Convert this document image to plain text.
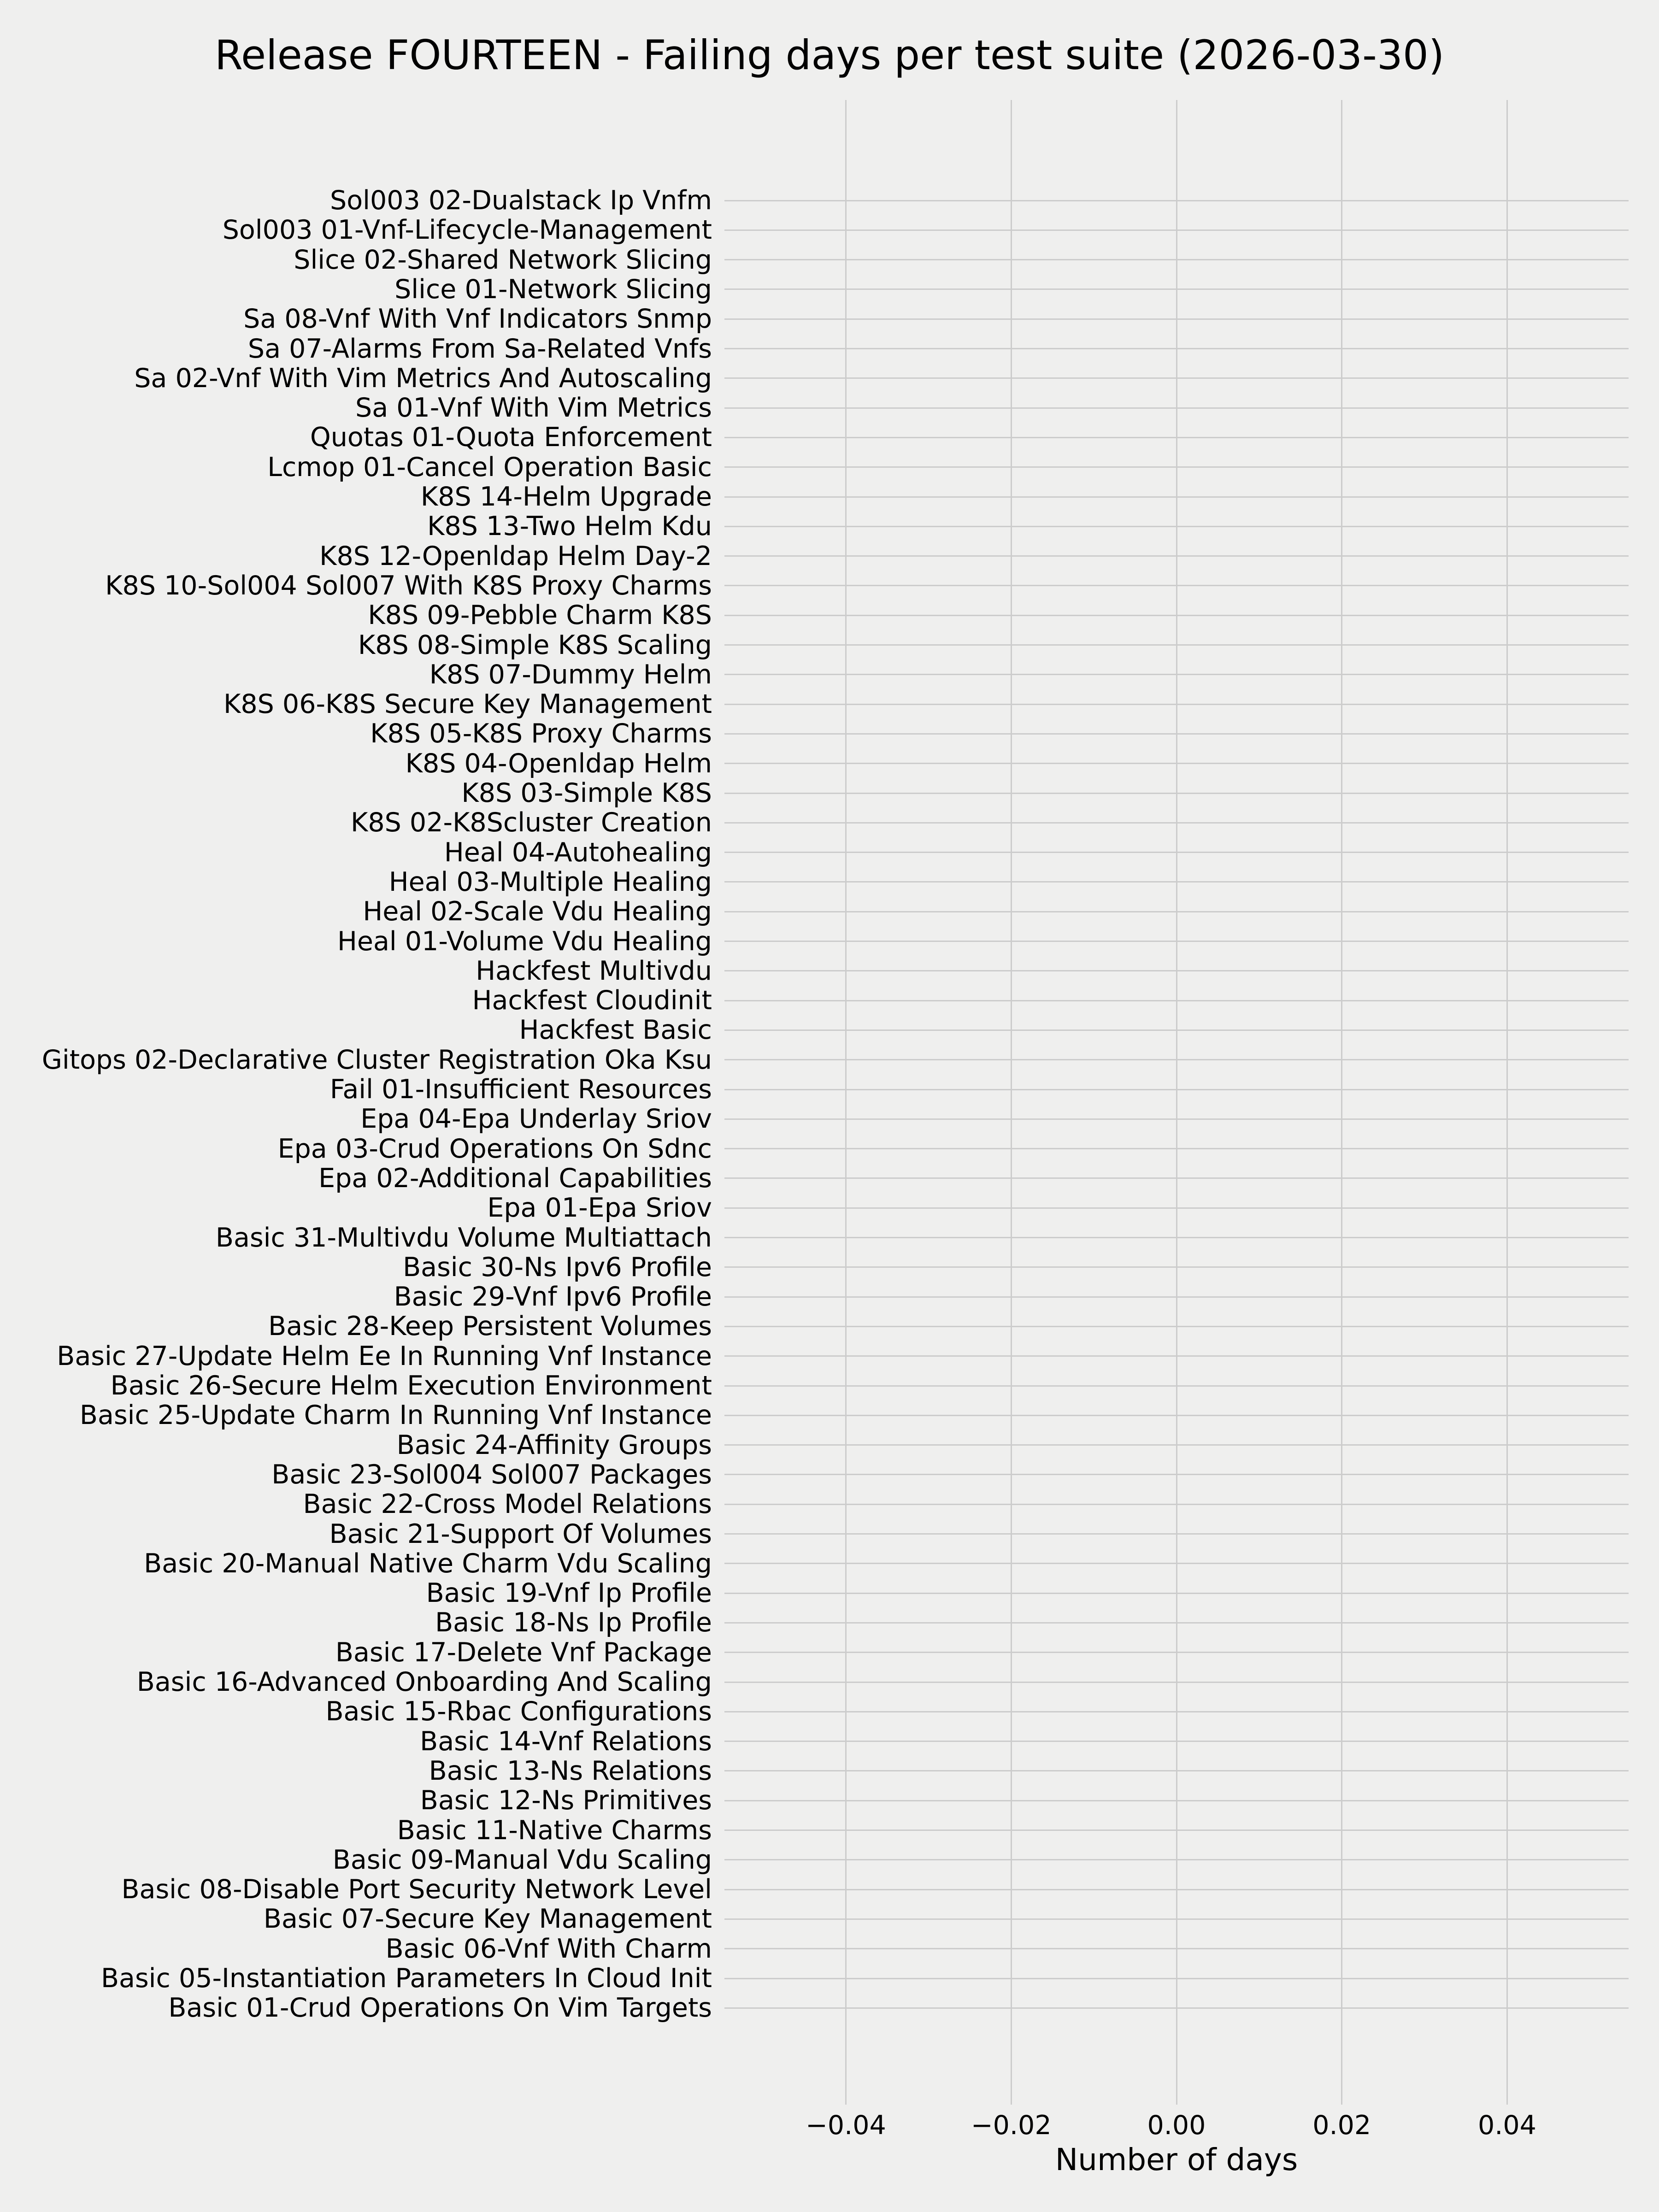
Release FOURTEEN - Failing days per test suite (2026-03-30)
Sol003 02-Dualstack Ip Vnfm
Sol003 01-Vnf-Lifecycle-Management
Slice 02-Shared Network Slicing
Slice 01-Network Slicing
Sa 08-Vnf With Vnf Indicators Snmp
Sa 07-Alarms From Sa-Related Vnfs
Sa 02-Vnf With Vim Metrics And Autoscaling
Sa 01-Vnf With Vim Metrics
Quotas 01-Quota Enforcement
Lcmop 01-Cancel Operation Basic
K8S 14-Helm Upgrade
K8S 13-Two Helm Kdu
K8S 12-Openldap Helm Day-2
K8S 10-Sol004 Sol007 With K8S Proxy Charms
K8S 09-Pebble Charm K8S
K8S 08-Simple K8S Scaling
K8S 07-Dummy Helm
K8S 06-K8S Secure Key Management
K8S 05-K8S Proxy Charms
K8S 04-Openldap Helm
K8S 03-Simple K8S
K8S 02-K8Scluster Creation
Heal 04-Autohealing
Heal 03-Multiple Healing
Heal 02-Scale Vdu Healing
Heal 01-Volume Vdu Healing
Hackfest Multivdu
Hackfest Cloudinit
Hackfest Basic
Gitops 02-Declarative Cluster Registration Oka Ksu
Fail 01-Insufficient Resources
Epa 04-Epa Underlay Sriov
Epa 03-Crud Operations On Sdnc
Epa 02-Additional Capabilities
Epa 01-Epa Sriov
Basic 31-Multivdu Volume Multiattach
Basic 30-Ns Ipv6 Profile
Basic 29-Vnf Ipv6 Profile
Basic 28-Keep Persistent Volumes
Basic 27-Update Helm Ee In Running Vnf Instance
Basic 26-Secure Helm Execution Environment
Basic 25-Update Charm In Running Vnf Instance
Basic 24-Affinity Groups
Basic 23-Sol004 Sol007 Packages
Basic 22-Cross Model Relations
Basic 21-Support Of Volumes
Basic 20-Manual Native Charm Vdu Scaling
Basic 19-Vnf Ip Profile
Basic 18-Ns Ip Profile
Basic 17-Delete Vnf Package
Basic 16-Advanced Onboarding And Scaling
Basic 15-Rbac Configurations
Basic 14-Vnf Relations
Basic 13-Ns Relations
Basic 12-Ns Primitives
Basic 11-Native Charms
Basic 09-Manual Vdu Scaling
Basic 08-Disable Port Security Network Level
Basic 07-Secure Key Management
Basic 06-Vnf With Charm
Basic 05-Instantiation Parameters In Cloud Init
Basic 01-Crud Operations On Vim Targets
−0.04	−0.02	0.00	0.02	0.04
Number of days
